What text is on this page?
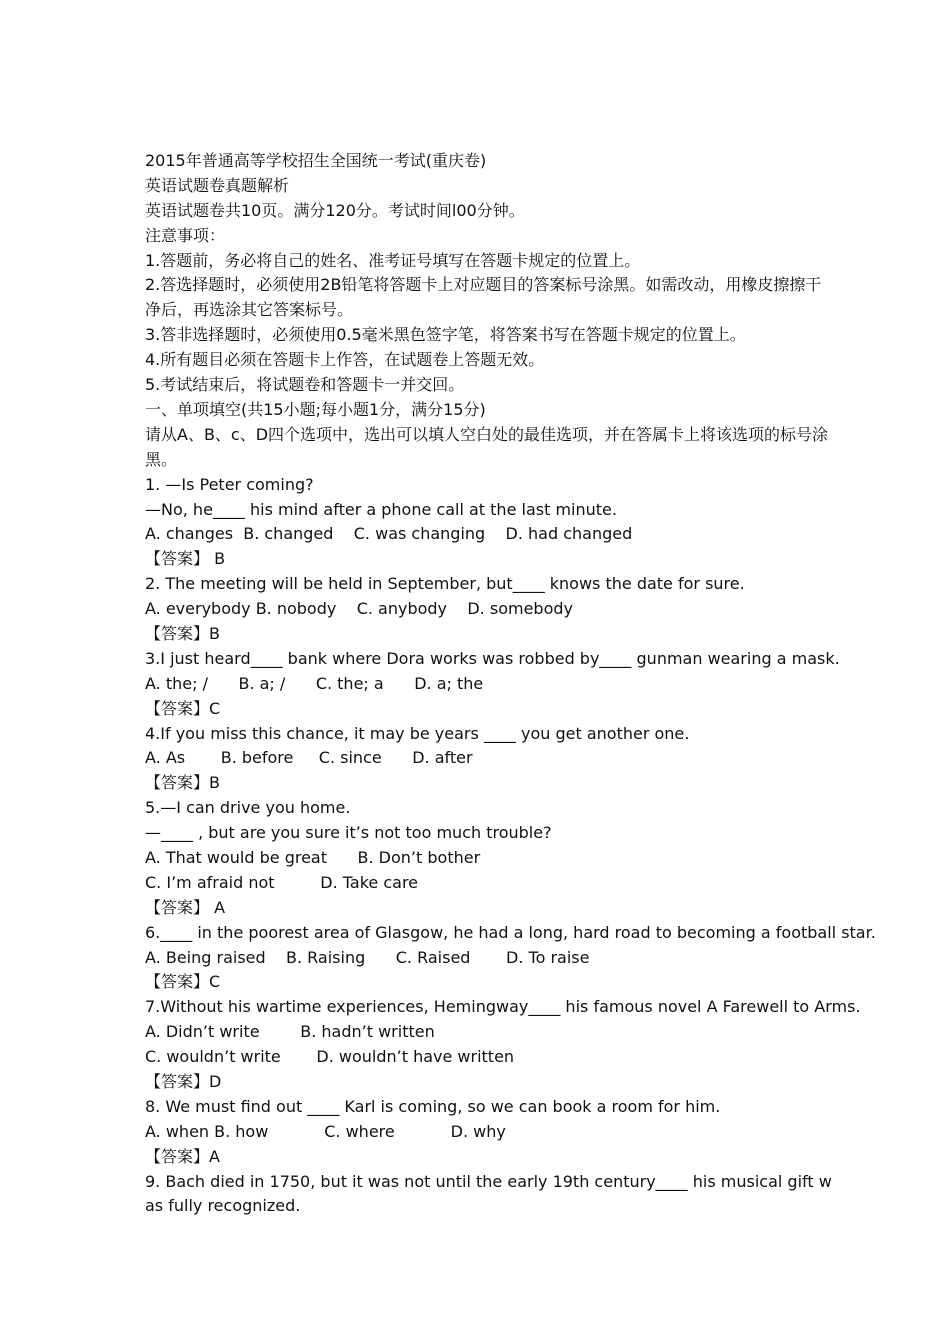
2015年普通高等学校招生全国统一考试(重庆卷)
英语试题卷真题解析
英语试题卷共10页。满分120分。考试时间l00分钟。
注意事项：
1.答题前，务必将自己的姓名、准考证号填写在答题卡规定的位置上。
2.答选择题时，必须使用2B铅笔将答题卡上对应题目的答案标号涂黑。如需改动，用橡皮擦擦干净后，再选涂其它答案标号。
3.答非选择题时，必须使用0.5毫米黑色签字笔，将答案书写在答题卡规定的位置上。
4.所有题目必须在答题卡上作答，在试题卷上答题无效。
5.考试结束后，将试题卷和答题卡一并交回。
一、单项填空(共15小题;每小题1分，满分15分)
请从A、B、c、D四个选项中，选出可以填人空白处的最佳选项，并在答属卡上将该选项的标号涂黑。
1. —Is Peter coming?
—No, he____ his mind after a phone call at the last minute.
A. changes  B. changed    C. was changing    D. had changed
【答案】 B
2. The meeting will be held in September, but____ knows the date for sure.
A. everybody B. nobody    C. anybody    D. somebody
【答案】B
3.I just heard____ bank where Dora works was robbed by____ gunman wearing a mask.
A. the; /      B. a; /      C. the; a      D. a; the
【答案】C
4.If you miss this chance, it may be years ____ you get another one.
A. As       B. before     C. since      D. after
【答案】B
5.—I can drive you home.
—____ , but are you sure it’s not too much trouble?
A. That would be great      B. Don’t bother
C. I’m afraid not         D. Take care
【答案】 A
6.____ in the poorest area of Glasgow, he had a long, hard road to becoming a football star.
A. Being raised    B. Raising      C. Raised       D. To raise
【答案】C
7.Without his wartime experiences, Hemingway____ his famous novel A Farewell to Arms.
A. Didn’t write        B. hadn’t written
C. wouldn’t write       D. wouldn’t have written
【答案】D
8. We must find out ____ Karl is coming, so we can book a room for him.
A. when B. how           C. where           D. why
【答案】A
9. Bach died in 1750, but it was not until the early 19th century____ his musical gift was fully recognized.
